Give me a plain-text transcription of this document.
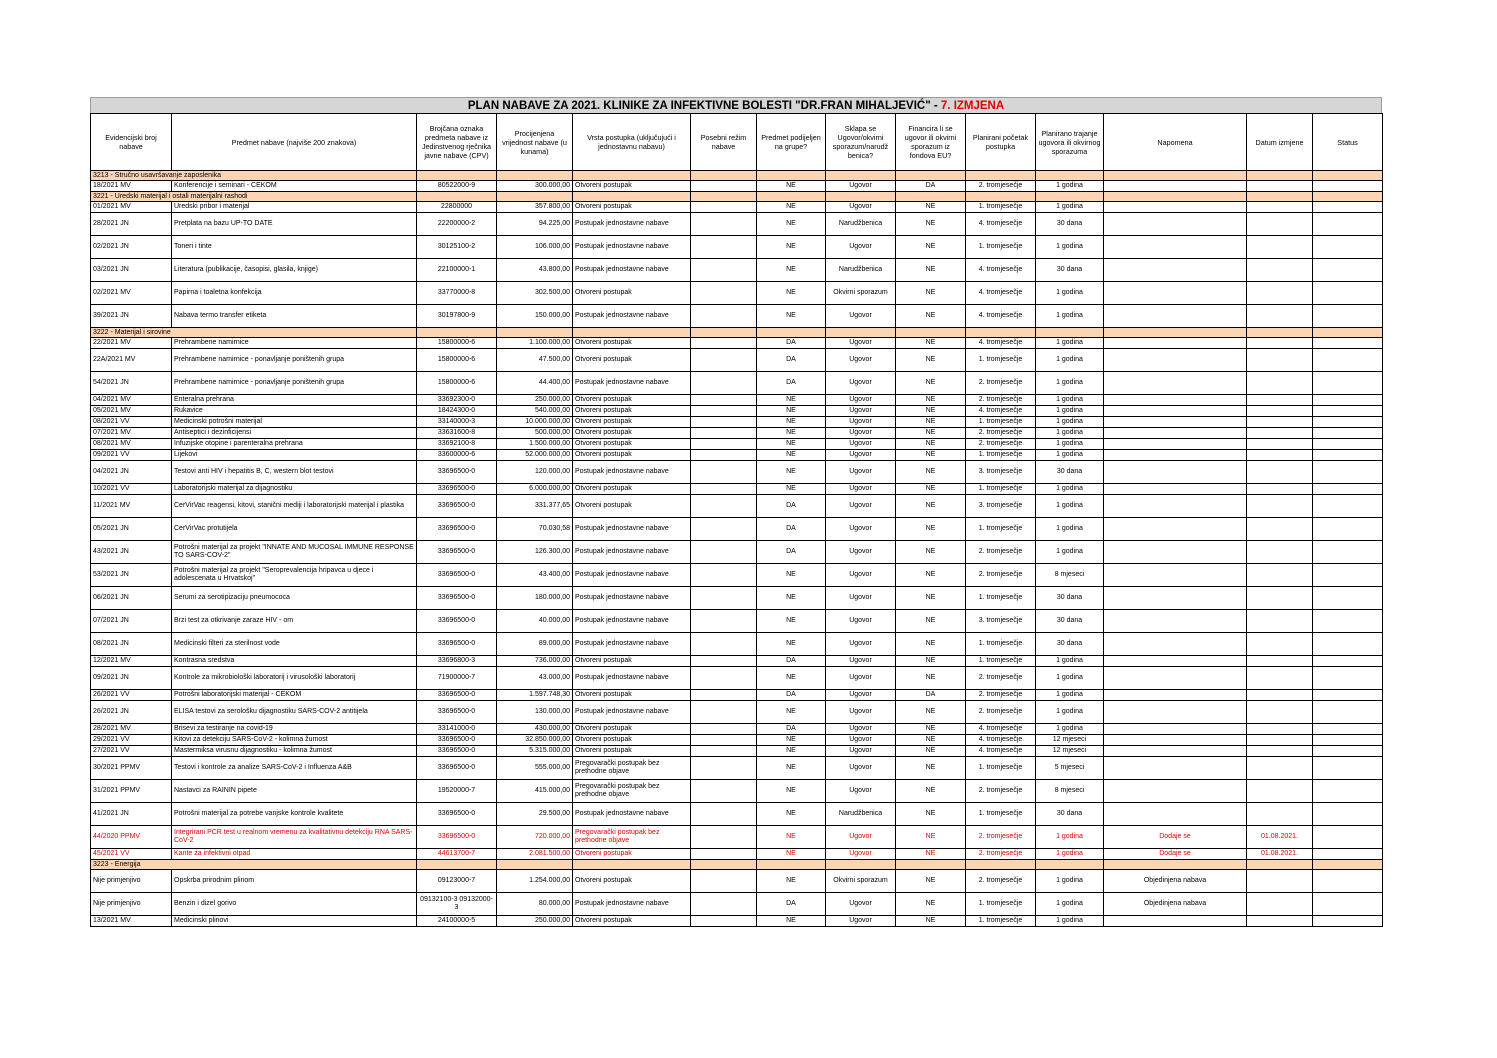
PLAN NABAVE ZA 2021. KLINIKE ZA INFEKTIVNE BOLESTI "DR.FRAN MIHALJEVIĆ" - 7. IZMJENA
Evidencijski broj nabave	Predmet nabave (najviše 200 znakova)	Brojčana oznaka predmeta nabave iz Jedinstvenog rječnika javne nabave (CPV)	Procijenjena vrijednost nabave (u kunama)	Vrsta postupka (uključujući i jednostavnu nabavu)	Posebni režim nabave	Predmet podijeljen na grupe?	Sklapa se Ugovor/okvirni sporazum/narudž benica?	Financira li se ugovor ili okvirni sporazum iz fondova EU?	Planirani početak postupka	Planirano trajanje ugovora ili okvirnog sporazuma	Napomena	Datum izmjene	Status
3213 - Stručno usavršavanje zaposlenika													
18/2021 MV	Konferencije i seminari - CEKOM	80522000-9	300.000,00	Otvoreni postupak		NE	Ugovor	DA	2. tromjesečje	1 godina			
3221 - Uredski materijal i ostali materijalni rashodi													
01/2021 MV	Uredski pribor i materijal	22800000	357.800,00	Otvoreni postupak		NE	Ugovor	NE	1. tromjesečje	1 godina			
28/2021 JN	Pretplata na bazu UP-TO DATE	22200000-2	94.225,00	Postupak jednostavne nabave		NE	Narudžbenica	NE	4. tromjesečje	30 dana			
02/2021 JN	Toneri i tinte	30125100-2	106.000,00	Postupak jednostavne nabave		NE	Ugovor	NE	1. tromjesečje	1 godina			
03/2021 JN	Literatura (publikacije, časopisi, glasila, knjige)	22100000-1	43.800,00	Postupak jednostavne nabave		NE	Narudžbenica	NE	4. tromjesečje	30 dana			
02/2021 MV	Papirna i toaletna konfekcija	33770000-8	302.500,00	Otvoreni postupak		NE	Okvirni sporazum	NE	4. tromjesečje	1 godina			
39/2021 JN	Nabava termo transfer etiketa	30197800-9	150.000,00	Postupak jednostavne nabave		NE	Ugovor	NE	4. tromjesečje	1 godina			
3222 - Materijal i sirovine													
22/2021 MV	Prehrambene namirnice	15800000-6	1.100.000,00	Otvoreni postupak		DA	Ugovor	NE	4. tromjesečje	1 godina			
22A/2021 MV	Prehrambene namirnice - ponavljanje poništenih grupa	15800000-6	47.500,00	Otvoreni postupak		DA	Ugovor	NE	1. tromjesečje	1 godina			
54/2021 JN	Prehrambene namirnice - ponavljanje poništenih grupa	15800000-6	44.400,00	Postupak jednostavne nabave		DA	Ugovor	NE	2. tromjesečje	1 godina			
04/2021 MV	Enteralna prehrana	33692300-0	250.000,00	Otvoreni postupak		NE	Ugovor	NE	2. tromjesečje	1 godina			
05/2021 MV	Rukavice	18424300-0	540.000,00	Otvoreni postupak		NE	Ugovor	NE	4. tromjesečje	1 godina			
08/2021 VV	Medicinski potrošni materijal	33140000-3	10.000.000,00	Otvoreni postupak		NE	Ugovor	NE	1. tromjesečje	1 godina			
07/2021 MV	Antiseptici i dezinficijensi	33631600-8	500.000,00	Otvoreni postupak		NE	Ugovor	NE	2. tromjesečje	1 godina			
08/2021 MV	Infuzijske otopine i parenteralna prehrana	33692100-8	1.500.000,00	Otvoreni postupak		NE	Ugovor	NE	2. tromjesečje	1 godina			
09/2021 VV	Lijekovi	33600000-6	52.000.000,00	Otvoreni postupak		NE	Ugovor	NE	1. tromjesečje	1 godina			
04/2021 JN	Testovi anti HIV i hepatitis B, C, western blot testovi	33696500-0	120.000,00	Postupak jednostavne nabave		NE	Ugovor	NE	3. tromjesečje	30 dana			
10/2021 VV	Laboratorijski materijal za dijagnostiku	33696500-0	6.000.000,00	Otvoreni postupak		NE	Ugovor	NE	1. tromjesečje	1 godina			
11/2021 MV	CerVirVac reagensi, kitovi, stanični mediji i laboratorijski materijal i plastika	33696500-0	331.377,65	Otvoreni postupak		DA	Ugovor	NE	3. tromjesečje	1 godina			
05/2021 JN	CerVirVac protutijela	33696500-0	70.030,58	Postupak jednostavne nabave		DA	Ugovor	NE	1. tromjesečje	1 godina			
43/2021 JN	Potrošni materijal za projekt "INNATE AND MUCOSAL IMMUNE RESPONSE TO SARS-COV-2"	33696500-0	126.300,00	Postupak jednostavne nabave		DA	Ugovor	NE	2. tromjesečje	1 godina			
53/2021 JN	Potrošni materijal za projekt "Seroprevalencija hripavca u djece i adolescenata u Hrvatskoj"	33696500-0	43.400,00	Postupak jednostavne nabave		NE	Ugovor	NE	2. tromjesečje	8 mjeseci			
06/2021 JN	Serumi za serotipizaciju pneumococa	33696500-0	180.000,00	Postupak jednostavne nabave		NE	Ugovor	NE	1. tromjesečje	30 dana			
07/2021 JN	Brzi test za otkrivanje zaraze HIV - om	33696500-0	40.000,00	Postupak jednostavne nabave		NE	Ugovor	NE	3. tromjesečje	30 dana			
08/2021 JN	Medicinski filteri za sterilnost vode	33696500-0	89.000,00	Postupak jednostavne nabave		NE	Ugovor	NE	1. tromjesečje	30 dana			
12/2021 MV	Kontrasna sredstva	33696800-3	736.000,00	Otvoreni postupak		DA	Ugovor	NE	1. tromjesečje	1 godina			
09/2021 JN	Kontrole za mikrobiološki laboratorij i virusološki laboratorij	71900000-7	43.000,00	Postupak jednostavne nabave		NE	Ugovor	NE	2. tromjesečje	1 godina			
26/2021 VV	Potrošni laboratorijski materijal - CEKOM	33696500-0	1.597.748,30	Otvoreni postupak		DA	Ugovor	DA	2. tromjesečje	1 godina			
26/2021 JN	ELISA testovi za serološku dijagnostiku SARS-COV-2 antitijela	33696500-0	130.000,00	Postupak jednostavne nabave		NE	Ugovor	NE	2. tromjesečje	1 godina			
28/2021 MV	Brisevi za testiranje na covid-19	33141000-0	430.000,00	Otvoreni postupak		DA	Ugovor	NE	4. tromjesečje	1 godina			
29/2021 VV	Kitovi za detekciju SARS-CoV-2 - kolimna žumost	33696500-0	32.850.000,00	Otvoreni postupak		NE	Ugovor	NE	4. tromjesečje	12 mjeseci			
27/2021 VV	Mastermiksa virusnu dijagnostiku - kolimna žumost	33696500-0	5.315.000,00	Otvoreni postupak		NE	Ugovor	NE	4. tromjesečje	12 mjeseci			
30/2021 PPMV	Testovi i kontrole za analize SARS-CoV-2 i Influenza A&B	33696500-0	555.000,00	Pregovarački postupak bez prethodne objave		NE	Ugovor	NE	1. tromjesečje	5 mjeseci			
31/2021 PPMV	Nastavci za RAININ pipete	19520000-7	415.000,00	Pregovarački postupak bez prethodne objave		NE	Ugovor	NE	2. tromjesečje	8 mjeseci			
41/2021 JN	Potrošni materijal za potrebe vanjske kontrole kvalitete	33696500-0	29.500,00	Postupak jednostavne nabave		NE	Narudžbenica	NE	1. tromjesečje	30 dana			
44/2020 PPMV	Integrirani PCR test u realnom vremenu za kvalitativnu detekciju RNA SARS-CoV-2	33696500-0	720.000,00	Pregovarački postupak bez prethodne objave		NE	Ugovor	NE	2. tromjesečje	1 godina	Dodaje se	01.08.2021.	
45/2021 VV	Kante za infektivni otpad	44613700-7	2.081.500,00	Otvoreni postupak		NE	Ugovor	NE	2. tromjesečje	1 godina	Dodaje se	01.08.2021.	
3223 - Energija													
Nije primjenjivo	Opskrba prirodnim plinom	09123000-7	1.254.000,00	Otvoreni postupak		NE	Okvirni sporazum	NE	2. tromjesečje	1 godina	Objedinjena nabava		
Nije primjenjivo	Benzin i dizel gorivo	09132100-3 09132000-3	80.000,00	Postupak jednostavne nabave		DA	Ugovor	NE	1. tromjesečje	1 godina	Objedinjena nabava		
13/2021 MV	Medicinski plinovi	24100000-5	250.000,00	Otvoreni postupak		NE	Ugovor	NE	1. tromjesečje	1 godina			
